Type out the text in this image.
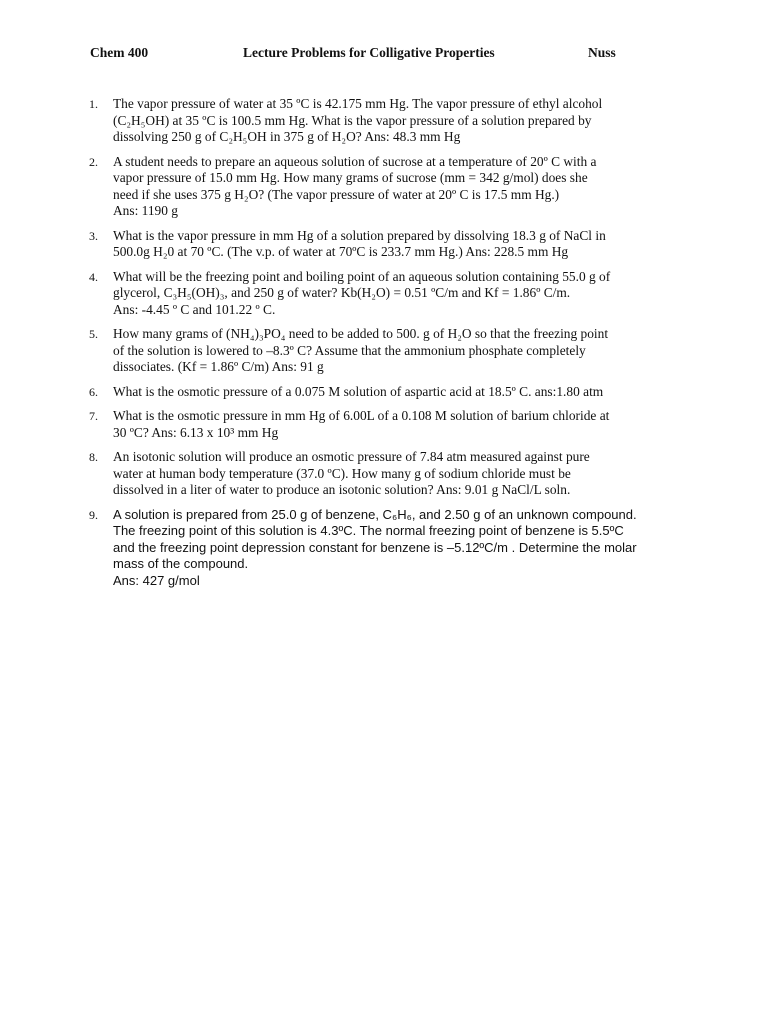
Chem 400	Lecture Problems for Colligative Properties	Nuss
1.	The vapor pressure of water at 35 ºC is 42.175 mm Hg. The vapor pressure of ethyl alcohol
(C₂H₅OH) at 35 ºC is 100.5 mm Hg. What is the vapor pressure of a solution prepared by
dissolving 250 g of C₂H₅OH in 375 g of H₂O? Ans: 48.3 mm Hg
2.	A student needs to prepare an aqueous solution of sucrose at a temperature of 20º C with a
vapor pressure of 15.0 mm Hg. How many grams of sucrose (mm = 342 g/mol) does she
need if she uses 375 g H₂O? (The vapor pressure of water at 20º C is 17.5 mm Hg.)
Ans: 1190 g
3.	What is the vapor pressure in mm Hg of a solution prepared by dissolving 18.3 g of NaCl in
500.0g H₂0 at 70 ºC. (The v.p. of water at 70ºC is 233.7 mm Hg.) Ans: 228.5 mm Hg
4.	What will be the freezing point and boiling point of an aqueous solution containing 55.0 g of
glycerol, C₃H₅(OH)₃, and 250 g of water? Kb(H₂O) = 0.51 ºC/m and Kf = 1.86º C/m.
Ans: -4.45 º C and 101.22 º C.
5.	How many grams of (NH₄)₃PO₄ need to be added to 500. g of H₂O so that the freezing point
of the solution is lowered to –8.3º C? Assume that the ammonium phosphate completely
dissociates. (Kf = 1.86º C/m) Ans: 91 g
6.	What is the osmotic pressure of a 0.075 M solution of aspartic acid at 18.5º C. ans:1.80 atm
7.	What is the osmotic pressure in mm Hg of 6.00L of a 0.108 M solution of barium chloride at
30 ºC? Ans: 6.13 x 10³ mm Hg
8.	An isotonic solution will produce an osmotic pressure of 7.84 atm measured against pure
water at human body temperature (37.0 ºC). How many g of sodium chloride must be
dissolved in a liter of water to produce an isotonic solution? Ans: 9.01 g NaCl/L soln.
9.	A solution is prepared from 25.0 g of benzene, C₆H₆, and 2.50 g of an unknown compound.
The freezing point of this solution is 4.3ºC. The normal freezing point of benzene is 5.5ºC
and the freezing point depression constant for benzene is –5.12ºC/m . Determine the molar
mass of the compound.
Ans: 427 g/mol
